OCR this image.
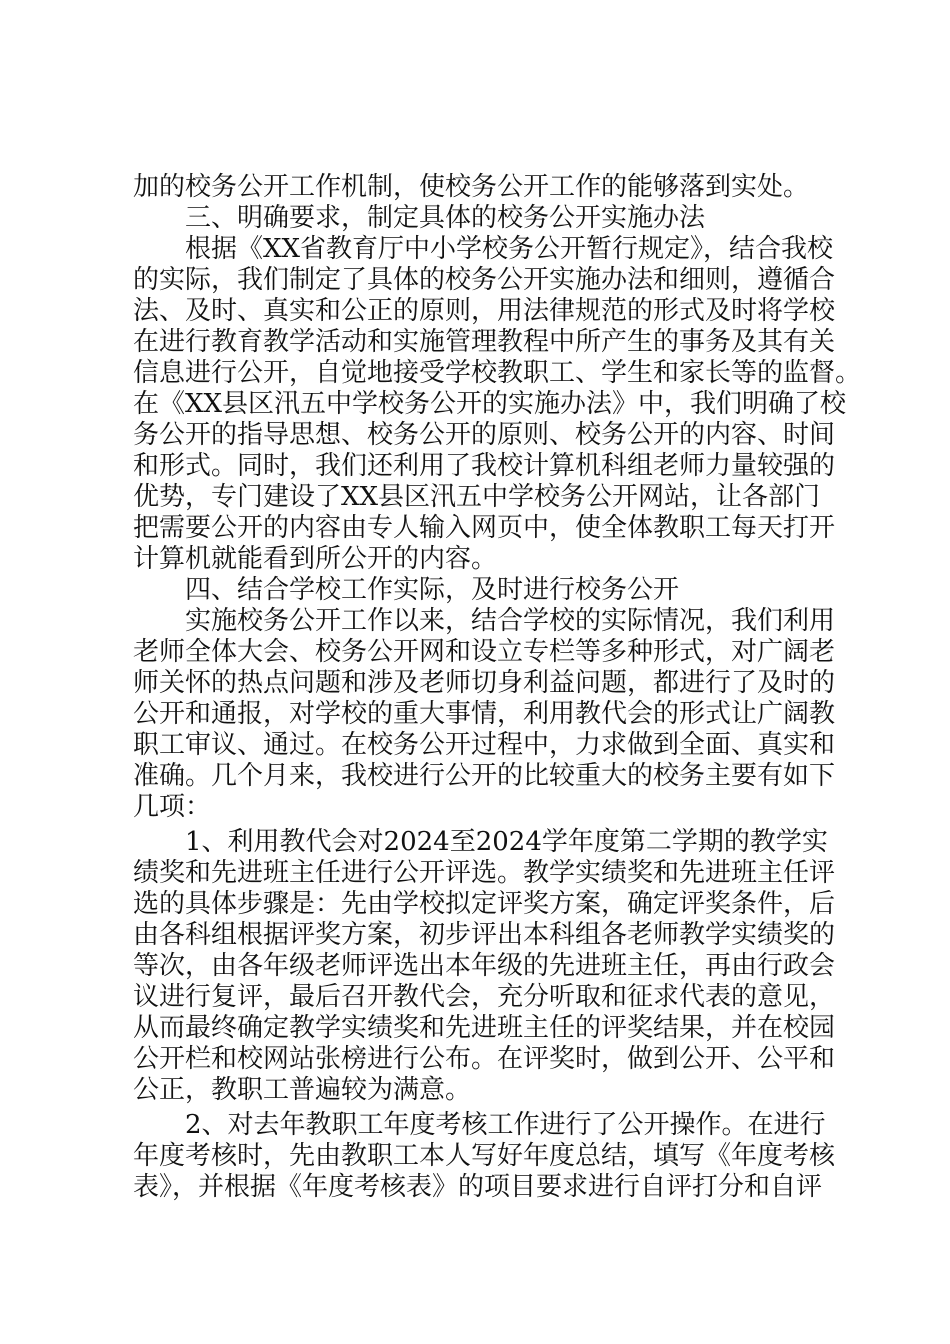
加的校务公开工作机制，使校务公开工作的能够落到实处。
三、明确要求，制定具体的校务公开实施办法
根据《XX省教育厅中小学校务公开暂行规定》，结合我校
的实际，我们制定了具体的校务公开实施办法和细则，遵循合
法、及时、真实和公正的原则，用法律规范的形式及时将学校
在进行教育教学活动和实施管理教程中所产生的事务及其有关
信息进行公开，自觉地接受学校教职工、学生和家长等的监督。
在《XX县区汛五中学校务公开的实施办法》中，我们明确了校
务公开的指导思想、校务公开的原则、校务公开的内容、时间
和形式。同时，我们还利用了我校计算机科组老师力量较强的
优势，专门建设了XX县区汛五中学校务公开网站，让各部门
把需要公开的内容由专人输入网页中，使全体教职工每天打开
计算机就能看到所公开的内容。
四、结合学校工作实际，及时进行校务公开
实施校务公开工作以来，结合学校的实际情况，我们利用
老师全体大会、校务公开网和设立专栏等多种形式，对广阔老
师关怀的热点问题和涉及老师切身利益问题，都进行了及时的
公开和通报，对学校的重大事情，利用教代会的形式让广阔教
职工审议、通过。在校务公开过程中，力求做到全面、真实和
准确。几个月来，我校进行公开的比较重大的校务主要有如下
几项：
1、利用教代会对2024至2024学年度第二学期的教学实
绩奖和先进班主任进行公开评选。教学实绩奖和先进班主任评
选的具体步骤是：先由学校拟定评奖方案，确定评奖条件，后
由各科组根据评奖方案，初步评出本科组各老师教学实绩奖的
等次，由各年级老师评选出本年级的先进班主任，再由行政会
议进行复评，最后召开教代会，充分听取和征求代表的意见，
从而最终确定教学实绩奖和先进班主任的评奖结果，并在校园
公开栏和校网站张榜进行公布。在评奖时，做到公开、公平和
公正，教职工普遍较为满意。
2、对去年教职工年度考核工作进行了公开操作。在进行
年度考核时，先由教职工本人写好年度总结，填写《年度考核
表》，并根据《年度考核表》的项目要求进行自评打分和自评
